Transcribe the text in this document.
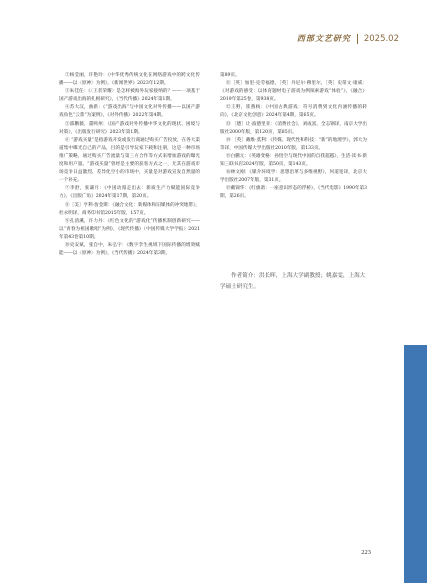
西部文艺研究 2025.02

②杨莹丽，许艳玲：《中华优秀传统文化在网络游戏中的跨文化传播——以〈原神〉为例》，《新闻世界》2023年12期。

③朱佳任：《〈王者荣耀〉是怎样被海外玩家接纳的？——一项基于国产游戏出海的扎根研究》，《当代传播》2024年第1期。

④苏大汉，曲新：《“游戏出海”与中国文化对外传播——以国产游戏角色“云堇”为案例》，《对外传播》2022年第4期。

⑤邵鹏薇，董鸣州：《国产游戏对外传播中华文化的现状、困境与对策》，《出版发行研究》2023年第1期。

⑥ “游戏买量”是指游戏开发或发行商通过购买广告投放，在各大渠道集中曝光自己的产品，目的是引导玩家下载和注册，这是一种市场推广策略，通过购买广告流量与第三方合作等方式来增加游戏的曝光度和用户量。“游戏买量”曾经是主要的获客方式之一，尤其在游戏市场竞争日益激烈、差异化空小的市场中，买量是对游戏宣发自然量的一个补充。

⑦李舒，张谦月：《中国动漫走出去：新质生产力赋能国际竞争力》，《出版广角》2024年第17期，第20页。

⑧［美］亨利·詹金斯：《融合文化：新媒体和旧媒体的冲突地带》，杜永明译，商务印书馆2015年版，157页。

⑨孔清溪，许力丹：《红色文化的“游戏化”传播机制创新研究——以“青春为祖国歌唱”为例》，《现代传播》（中国传媒大学学报）2021年第43卷第10期。

⑩史安斌，张自中，朱弘宇：《数字孪生视域下国际传播的增效赋能——以〈原神〉为例》，《当代传播》2024年第3期，

第89页。

⑪［英］加里·克劳福德，［英］丹尼尔·穆里尔，［英］史蒂文·康威：《对游戏的感受：以体育题材电子游戏为例探索游戏“体验”》，《融合》2019年第25卷，第938页。

⑫王野，崔燕杨：《中国古典游戏：符号消费到文化内涵传播的转向》，《北京文化创意》2024年第4期，第65页。

⑬ ［德］让·波德里亚：《消费社会》，刘成富，全志钢译，南京大学出版社2000年版，第120页，第85页。

⑭ ［英］戴维·莫利：《传媒、现代性和科技：“新”的地理学》，郭大为等译，中国传媒大学出版社2010年版，第133页。

⑮白鹏元：《英雄变格：孙悟空与现代中国的自我超越》，生活·读书·新知三联书店2024年版，第50页，第143页。

⑯林文刚：《媒介环境学：思想沿革与多维视野》，何道宽译，北京大学出版社2007年版，第31页。

⑰戴锦华：《红旗谱：一座意识形态的浮桥》，《当代电影》1990年第3期，第26页。

作者简介：洪长晖，上海大学副教授；姚嘉雯，上海大学硕士研究生。
223
